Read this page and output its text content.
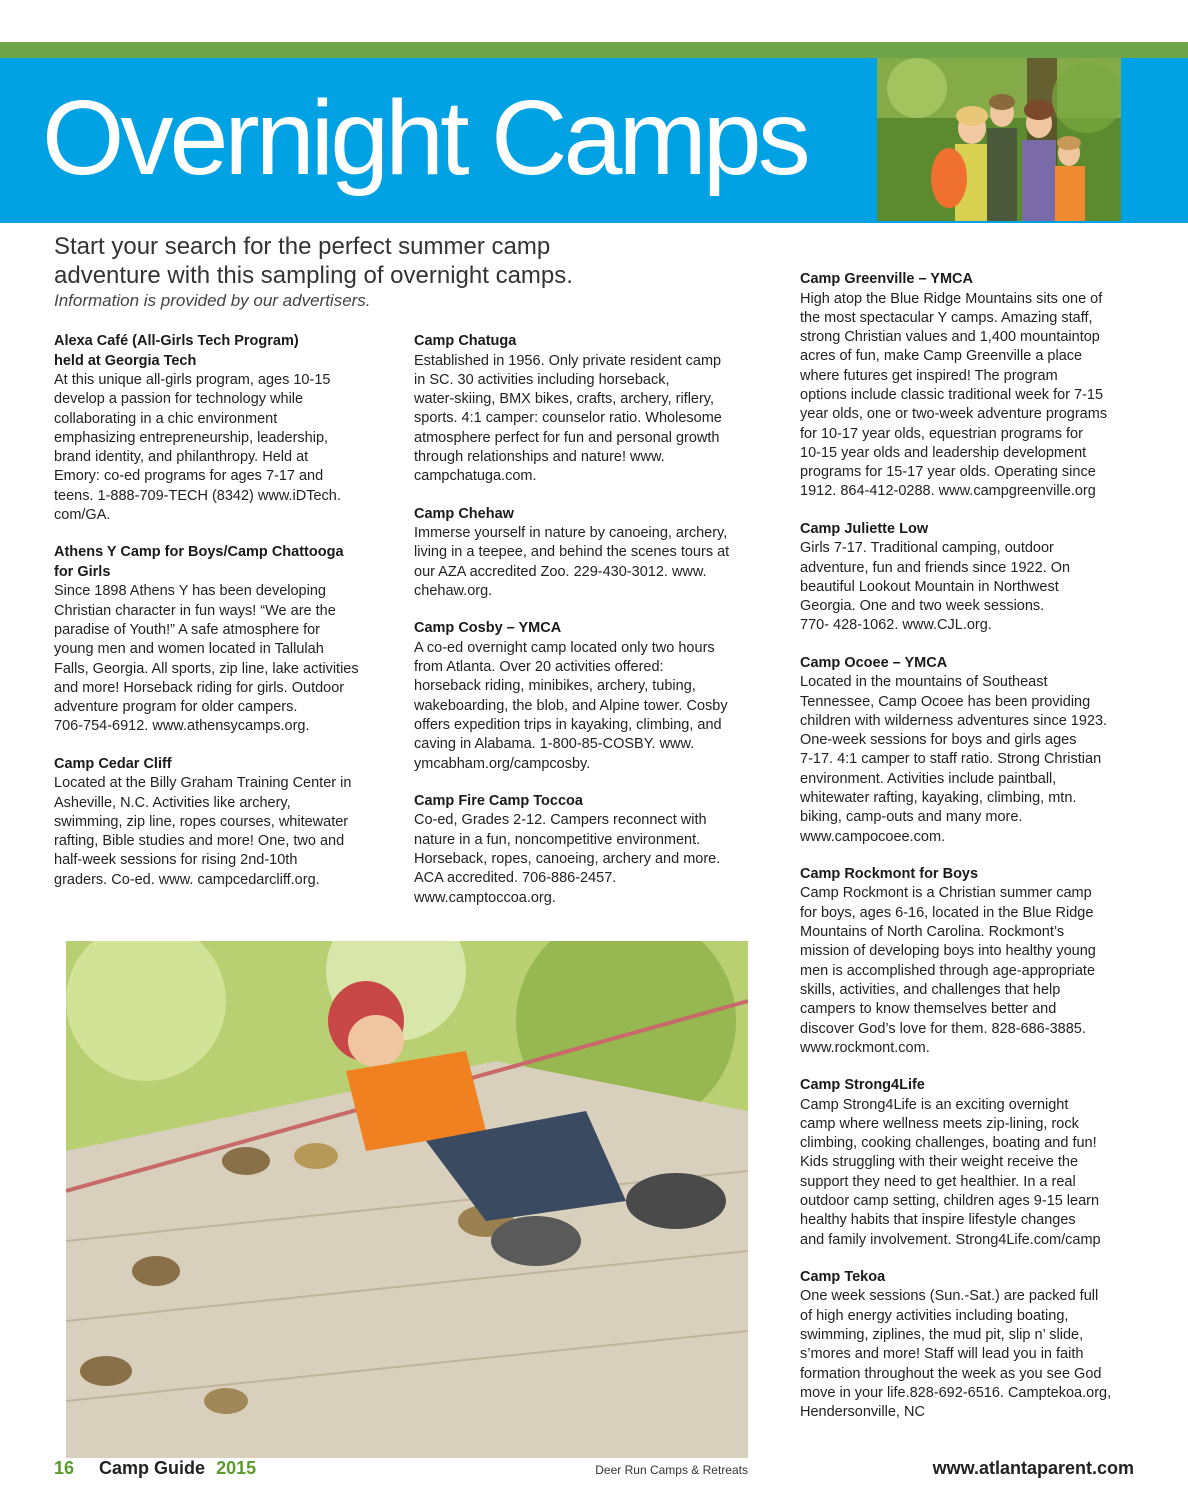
Overnight Camps
Start your search for the perfect summer camp
adventure with this sampling of overnight camps.
Information is provided by our advertisers.
Alexa Café (All-Girls Tech Program)
held at Georgia Tech
At this unique all-girls program, ages 10-15
develop a passion for technology while
collaborating in a chic environment
emphasizing entrepreneurship, leadership,
brand identity, and philanthropy. Held at
Emory: co-ed programs for ages 7-17 and
teens. 1-888-709-TECH (8342) www.iDTech.
com/GA.
Athens Y Camp for Boys/Camp Chattooga
for Girls
Since 1898 Athens Y has been developing
Christian character in fun ways! “We are the
paradise of Youth!” A safe atmosphere for
young men and women located in Tallulah
Falls, Georgia. All sports, zip line, lake activities
and more! Horseback riding for girls. Outdoor
adventure program for older campers.
706-754-6912. www.athensycamps.org.
Camp Cedar Cliff
Located at the Billy Graham Training Center in
Asheville, N.C. Activities like archery,
swimming, zip line, ropes courses, whitewater
rafting, Bible studies and more! One, two and
half-week sessions for rising 2nd-10th
graders. Co-ed. www. campcedarcliff.org.
Camp Chatuga
Established in 1956. Only private resident camp
in SC. 30 activities including horseback,
water-skiing, BMX bikes, crafts, archery, riflery,
sports. 4:1 camper: counselor ratio. Wholesome
atmosphere perfect for fun and personal growth
through relationships and nature! www.
campchatuga.com.
Camp Chehaw
Immerse yourself in nature by canoeing, archery,
living in a teepee, and behind the scenes tours at
our AZA accredited Zoo. 229-430-3012. www.
chehaw.org.
Camp Cosby – YMCA
A co-ed overnight camp located only two hours
from Atlanta. Over 20 activities offered:
horseback riding, minibikes, archery, tubing,
wakeboarding, the blob, and Alpine tower. Cosby
offers expedition trips in kayaking, climbing, and
caving in Alabama. 1-800-85-COSBY. www.
ymcabham.org/campcosby.
Camp Fire Camp Toccoa
Co-ed, Grades 2-12. Campers reconnect with
nature in a fun, noncompetitive environment.
Horseback, ropes, canoeing, archery and more.
ACA accredited. 706-886-2457.
www.camptoccoa.org.
Camp Greenville – YMCA
High atop the Blue Ridge Mountains sits one of
the most spectacular Y camps. Amazing staff,
strong Christian values and 1,400 mountaintop
acres of fun, make Camp Greenville a place
where futures get inspired! The program
options include classic traditional week for 7-15
year olds, one or two-week adventure programs
for 10-17 year olds, equestrian programs for
10-15 year olds and leadership development
programs for 15-17 year olds. Operating since
1912. 864-412-0288. www.campgreenville.org
Camp Juliette Low
Girls 7-17. Traditional camping, outdoor
adventure, fun and friends since 1922. On
beautiful Lookout Mountain in Northwest
Georgia. One and two week sessions.
770- 428-1062. www.CJL.org.
Camp Ocoee – YMCA
Located in the mountains of Southeast
Tennessee, Camp Ocoee has been providing
children with wilderness adventures since 1923.
One-week sessions for boys and girls ages
7-17. 4:1 camper to staff ratio. Strong Christian
environment. Activities include paintball,
whitewater rafting, kayaking, climbing, mtn.
biking, camp-outs and many more.
www.campocoee.com.
Camp Rockmont for Boys
Camp Rockmont is a Christian summer camp
for boys, ages 6-16, located in the Blue Ridge
Mountains of North Carolina. Rockmont’s
mission of developing boys into healthy young
men is accomplished through age-appropriate
skills, activities, and challenges that help
campers to know themselves better and
discover God’s love for them. 828-686-3885.
www.rockmont.com.
Camp Strong4Life
Camp Strong4Life is an exciting overnight
camp where wellness meets zip-lining, rock
climbing, cooking challenges, boating and fun!
Kids struggling with their weight receive the
support they need to get healthier. In a real
outdoor camp setting, children ages 9-15 learn
healthy habits that inspire lifestyle changes
and family involvement. Strong4Life.com/camp
Camp Tekoa
One week sessions (Sun.-Sat.) are packed full
of high energy activities including boating,
swimming, ziplines, the mud pit, slip n’ slide,
s’mores and more! Staff will lead you in faith
formation throughout the week as you see God
move in your life.828-692-6516. Camptekoa.org,
Hendersonville, NC
Deer Run Camps & Retreats
16 Camp Guide 2015	www.atlantaparent.com
